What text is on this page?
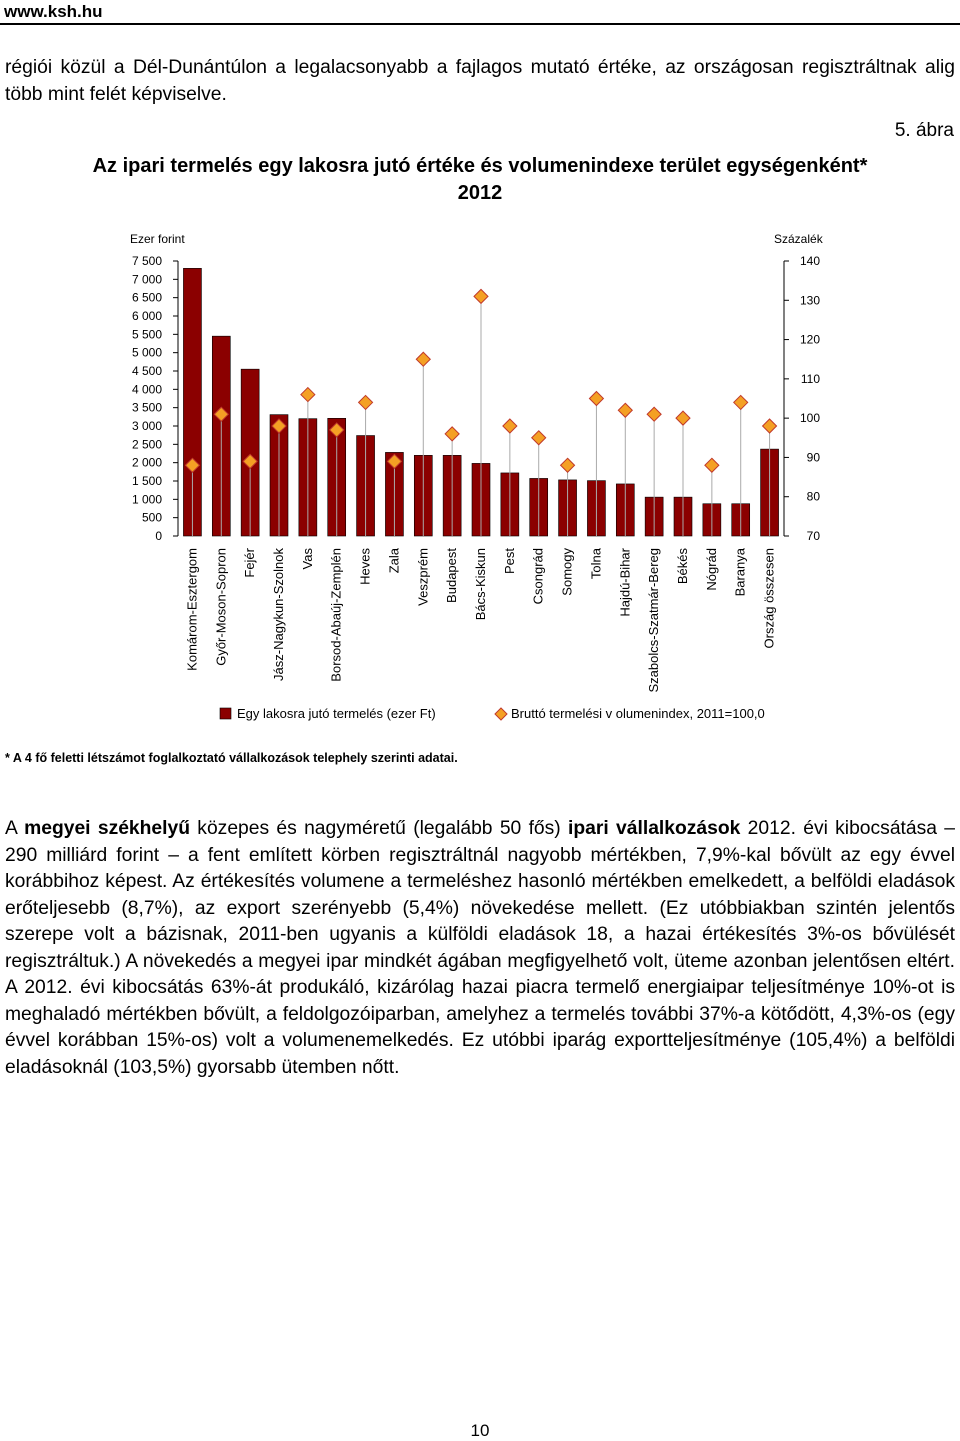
www.ksh.hu
régiói közül a Dél-Dunántúlon a legalacsonyabb a fajlagos mutató értéke, az országosan regisztráltnak alig több mint felét képviselve.
5. ábra
Az ipari termelés egy lakosra jutó értéke és volumenindexe terület egységenként*
2012
Ezer forint
7 500
7 000
6 500
6 000
5 500
5 000
4 500
4 000
3 500
3 000
2 500
2 000
1 500
1 000
500
0
Százalék
140
130
120
110
100
90
80
70
Komárom-Esztergom Győr-Moson-Sopron Fejér Jász-Nagykun-Szolnok Vas Borsod-Abaúj-Zemplén Heves Zala Veszprém Budapest Bács-Kiskun Pest Csongrád Somogy Tolna Hajdú-Bihar Szabolcs-Szatmár-Bereg Békés Nógrád Baranya Ország összesen
Egy lakosra jutó termelés (ezer Ft)	Bruttó termelési v olumenindex, 2011=100,0
* A 4 fő feletti létszámot foglalkoztató vállalkozások telephely szerinti adatai.
A megyei székhelyű közepes és nagyméretű (legalább 50 fős) ipari vállalkozások 2012. évi kibocsátása – 290 milliárd forint – a fent említett körben regisztráltnál nagyobb mértékben, 7,9%-kal bővült az egy évvel korábbihoz képest. Az értékesítés volumene a termeléshez hasonló mértékben emelkedett, a belföldi eladások erőteljesebb (8,7%), az export szerényebb (5,4%) növekedése mellett. (Ez utóbbiakban szintén jelentős szerepe volt a bázisnak, 2011-ben ugyanis a külföldi eladások 18, a hazai értékesítés 3%-os bővülését regisztráltuk.) A növekedés a megyei ipar mindkét ágában megfigyelhető volt, üteme azonban jelentősen eltért. A 2012. évi kibocsátás 63%-át produkáló, kizárólag hazai piacra termelő energiaipar teljesítménye 10%-ot is meghaladó mértékben bővült, a feldolgozóiparban, amelyhez a termelés további 37%-a kötődött, 4,3%-os (egy évvel korábban 15%-os) volt a volumenemelkedés. Ez utóbbi iparág exportteljesítménye (105,4%) a belföldi eladásoknál (103,5%) gyorsabb ütemben nőtt.
10
